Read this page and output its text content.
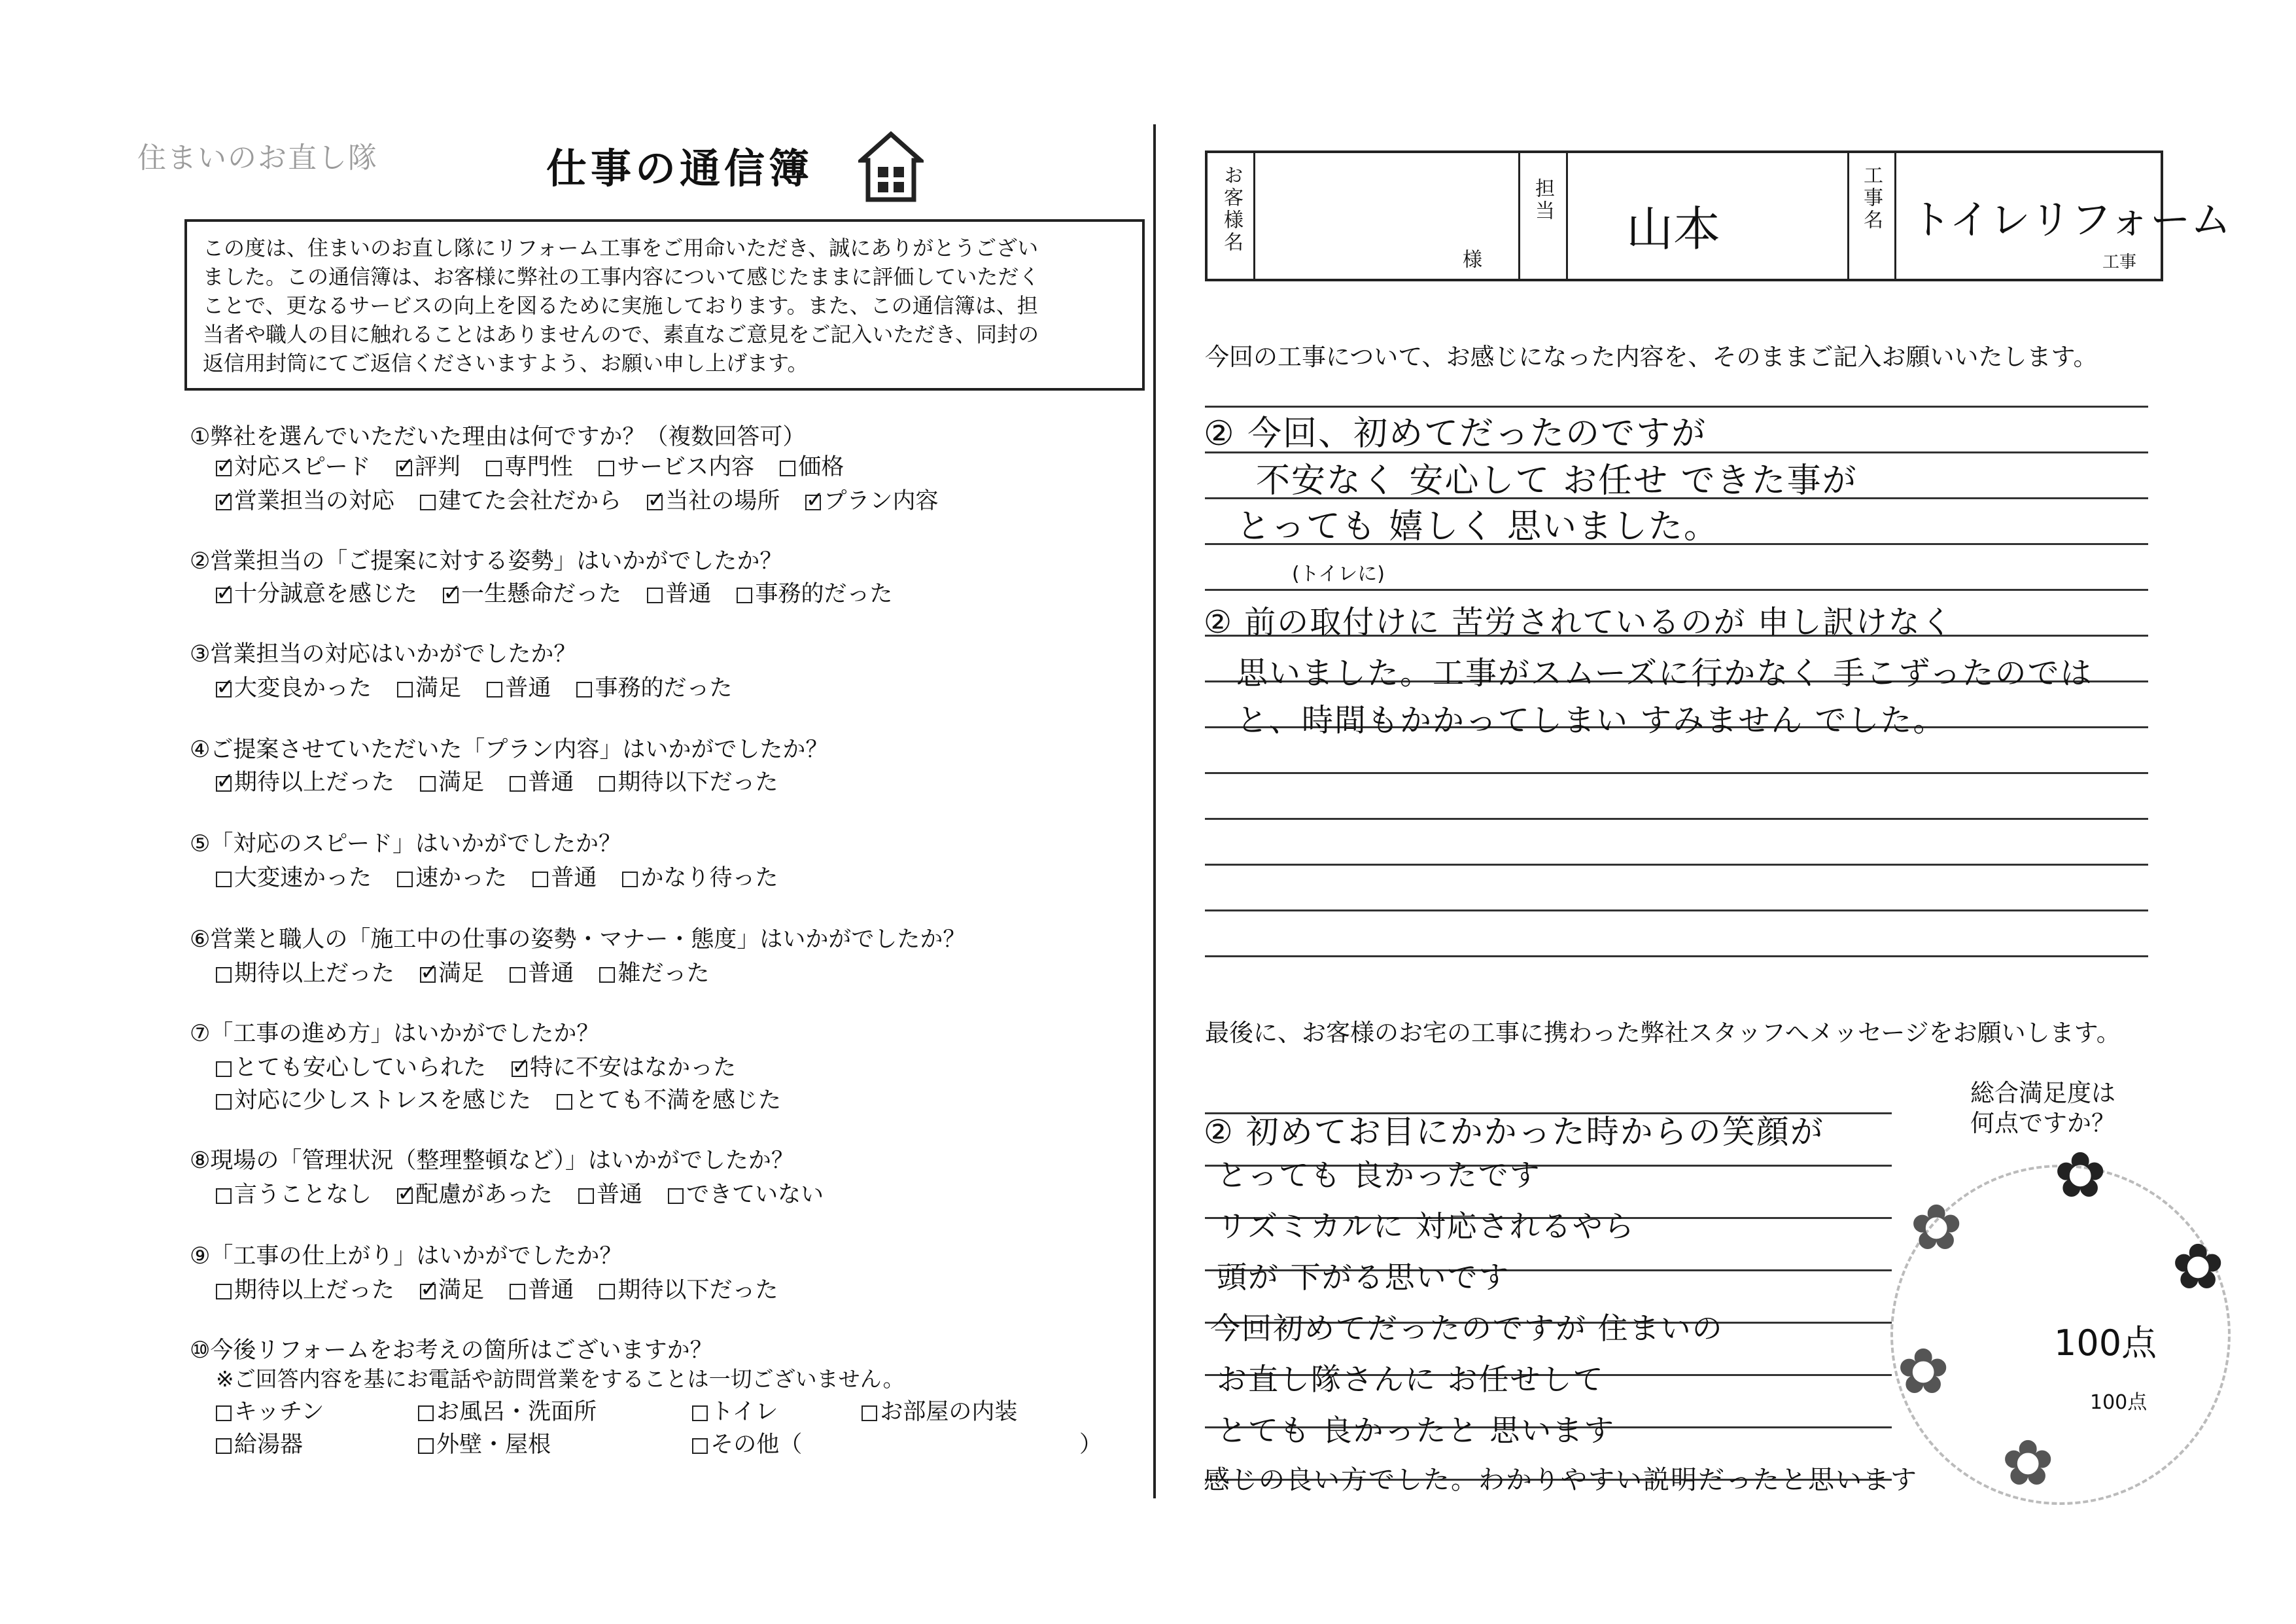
住まいのお直し隊	仕事の通信簿
この度は、住まいのお直し隊にリフォーム工事をご用命いただき、誠にありがとうござい
ました。この通信簿は、お客様に弊社の工事内容について感じたままに評価していただく
ことで、更なるサービスの向上を図るために実施しております。また、この通信簿は、担
当者や職人の目に触れることはありませんので、素直なご意見をご記入いただき、同封の
返信用封筒にてご返信くださいますよう、お願い申し上げます。
①弊社を選んでいただいた理由は何ですか？（複数回答可）
✓対応スピード ✓ 評判 専門性 サービス内容 価格
✓営業担当の対応 建てた会社だから ✓ 当社の場所 ✓ プラン内容
②営業担当の「ご提案に対する姿勢」はいかがでしたか？
✓十分誠意を感じた ✓ 一生懸命だった 普通 事務的だった
③営業担当の対応はいかがでしたか？
✓大変良かった 満足 普通 事務的だった
④ご提案させていただいた「プラン内容」はいかがでしたか？
✓期待以上だった 満足 普通 期待以下だった
⑤「対応のスピード」はいかがでしたか？
大変速かった 速かった 普通 かなり待った
⑥営業と職人の「施工中の仕事の姿勢・マナー・態度」はいかがでしたか？
期待以上だった ✓ 満足 普通 雑だった
⑦「工事の進め方」はいかがでしたか？
とても安心していられた ✓ 特に不安はなかった
対応に少しストレスを感じた とても不満を感じた
⑧現場の「管理状況（整理整頓など）」はいかがでしたか？
言うことなし ✓ 配慮があった 普通 できていない
⑨「工事の仕上がり」はいかがでしたか？
期待以上だった ✓ 満足 普通 期待以下だった
⑩今後リフォームをお考えの箇所はございますか？
※ご回答内容を基にお電話や訪問営業をすることは一切ございません。
キッチン	お風呂・洗面所	トイレ	お部屋の内装
給湯器	外壁・屋根	その他（	）
お客様名
様
担当
山本	工事名 トイレリフォーム
工事
今回の工事について、お感じになった内容を、そのままご記入お願いいたします。
② 今回、初めてだったのですが
不安なく 安心して お任せ できた事が
とっても 嬉しく 思いました。
(トイレに)
② 前の取付けに 苦労されているのが 申し訳けなく
思いました。工事がスムーズに行かなく 手こずったのでは
と、時間もかかってしまい すみません でした。
最後に、お客様のお宅の工事に携わった弊社スタッフへメッセージをお願いします。
② 初めてお目にかかった時からの笑顔が
とっても 良かったです
リズミカルに 対応されるやら
頭が 下がる思いです
今回初めてだったのですが 住まいの
お直し隊さんに お任せして
とても 良かったと 思います
感じの良い方でした。わかりやすい説明だったと思います
総合満足度は
何点ですか？
✿
✿
✿
✿
✿
100点
100点
